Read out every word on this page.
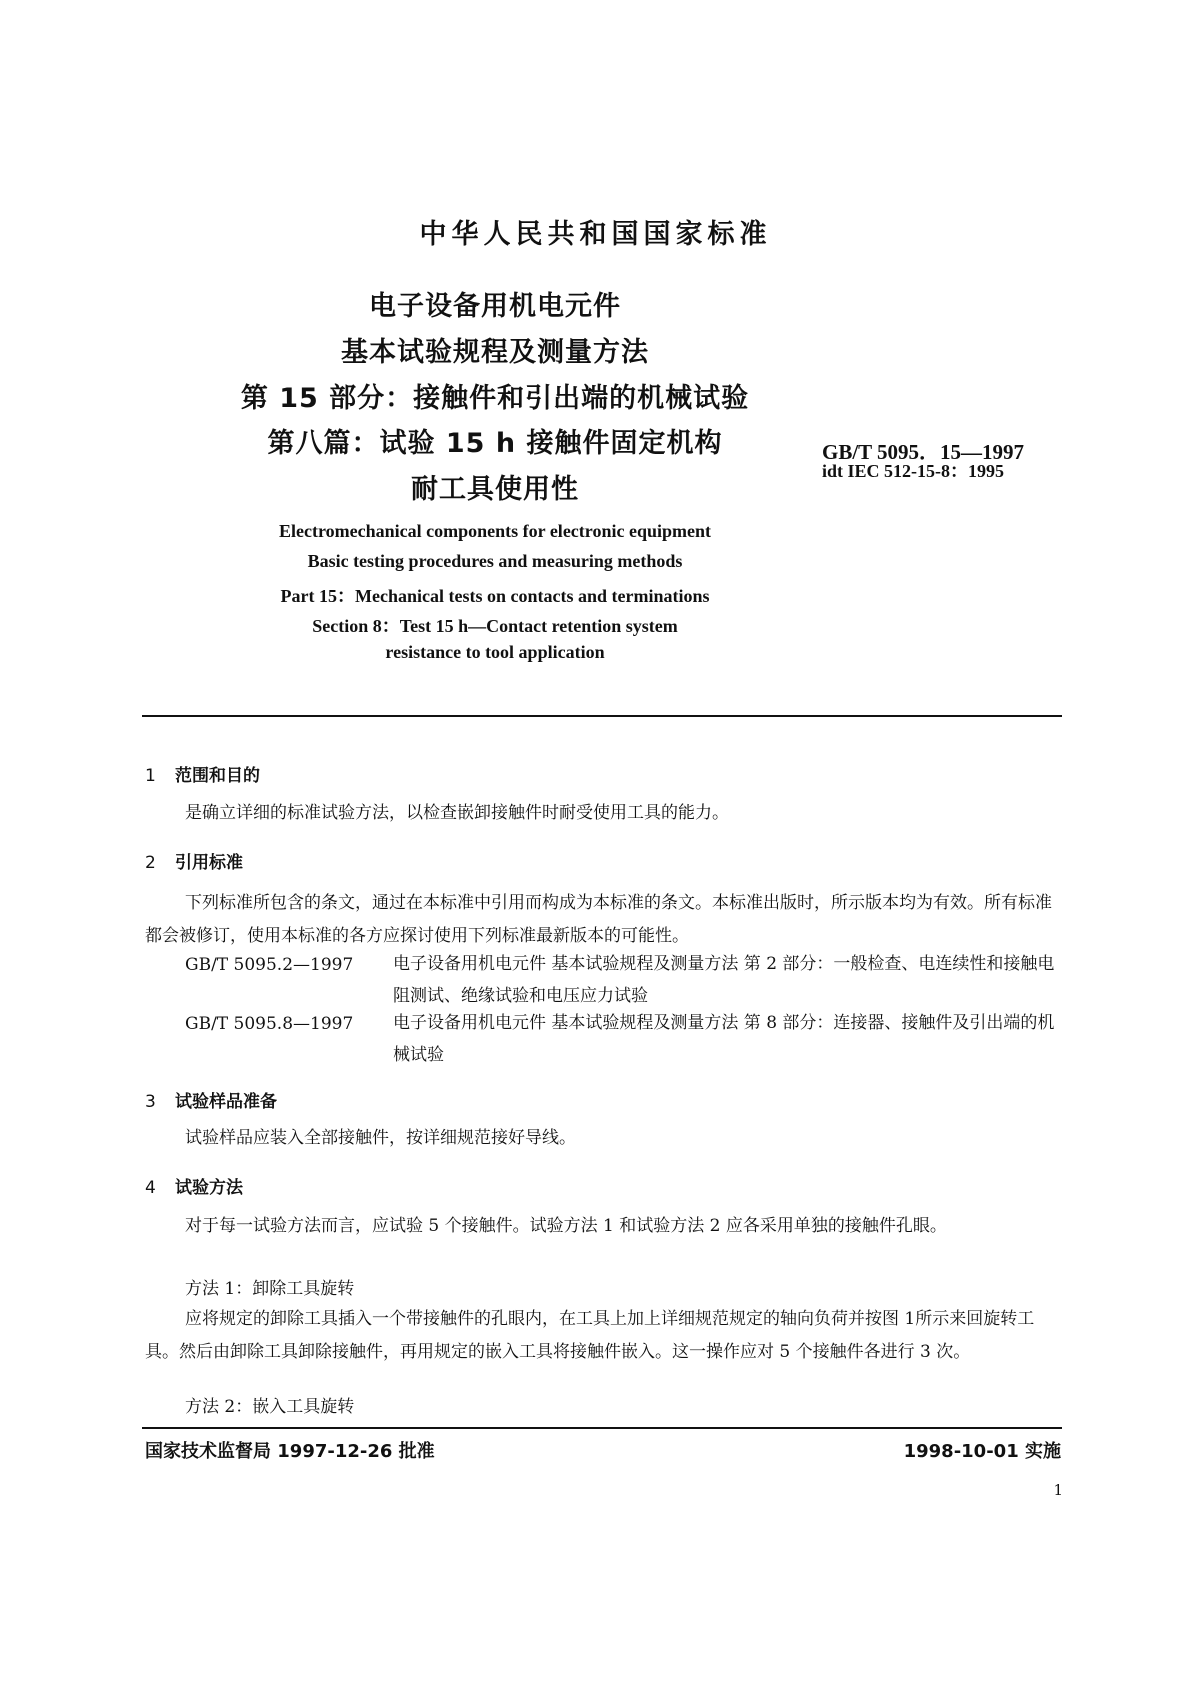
中华人民共和国国家标准
电子设备用机电元件
基本试验规程及测量方法
第 15 部分：接触件和引出端的机械试验
第八篇：试验 15 h 接触件固定机构
耐工具使用性
GB/T 5095．15—1997
idt IEC 512-15-8：1995
Electromechanical components for electronic equipment
Basic testing procedures and measuring methods
Part 15：Mechanical tests on contacts and terminations
Section 8：Test 15 h—Contact retention system
resistance to tool application
1 范围和目的
是确立详细的标准试验方法，以检查嵌卸接触件时耐受使用工具的能力。
2 引用标准
下列标准所包含的条文，通过在本标准中引用而构成为本标准的条文。本标准出版时，所示版本均为有效。所有标准都会被修订，使用本标准的各方应探讨使用下列标准最新版本的可能性。
GB/T 5095.2—1997	电子设备用机电元件 基本试验规程及测量方法 第 2 部分：一般检查、电连续性和接触电阻测试、绝缘试验和电压应力试验
GB/T 5095.8—1997	电子设备用机电元件 基本试验规程及测量方法 第 8 部分：连接器、接触件及引出端的机械试验
3 试验样品准备
试验样品应装入全部接触件，按详细规范接好导线。
4 试验方法
对于每一试验方法而言，应试验 5 个接触件。试验方法 1 和试验方法 2 应各采用单独的接触件孔眼。
方法 1：卸除工具旋转
应将规定的卸除工具插入一个带接触件的孔眼内，在工具上加上详细规范规定的轴向负荷并按图 1所示来回旋转工具。然后由卸除工具卸除接触件，再用规定的嵌入工具将接触件嵌入。这一操作应对 5 个接触件各进行 3 次。
方法 2：嵌入工具旋转
国家技术监督局 1997-12-26 批准	1998-10-01 实施
1
